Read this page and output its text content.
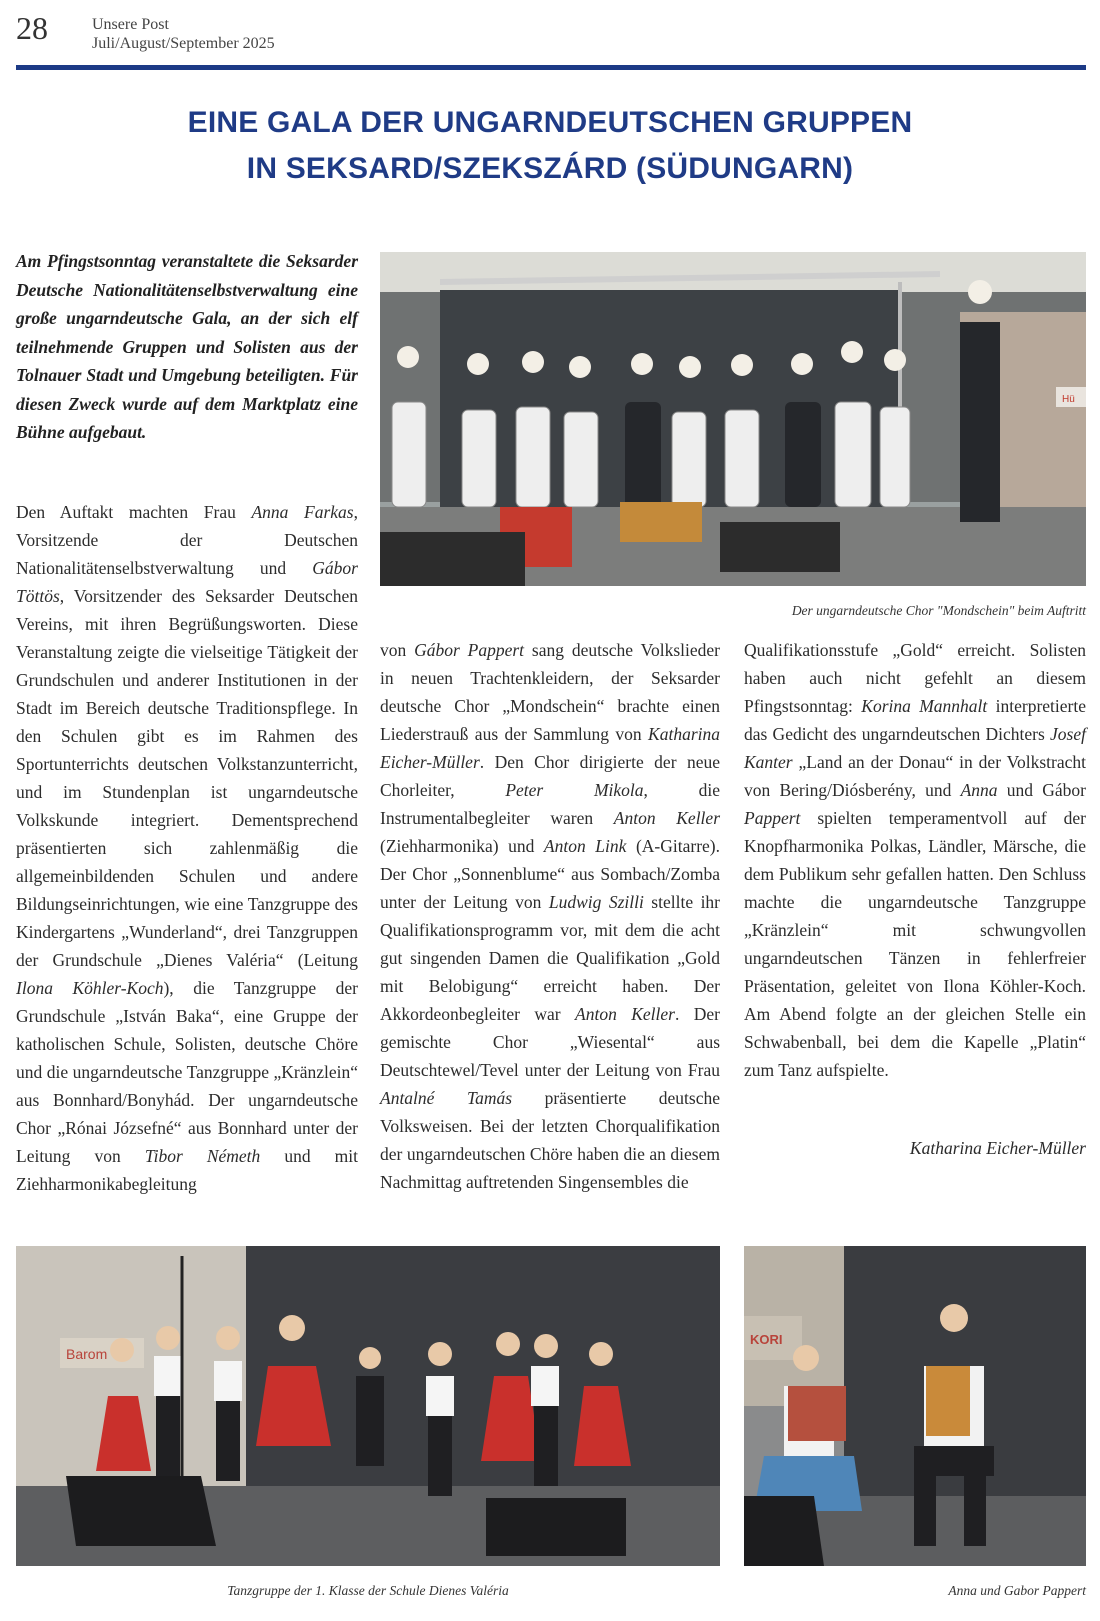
28	Unsere Post
Juli/August/September 2025
EINE GALA DER UNGARNDEUTSCHEN GRUPPEN
IN SEKSARD/SZEKSZÁRD (SÜDUNGARN)
Am Pfingstsonntag veranstaltete die Seksarder Deutsche Nationalitätenselbstverwaltung eine große ungarndeutsche Gala, an der sich elf teilnehmende Gruppen und Solisten aus der Tolnauer Stadt und Umgebung beteiligten. Für diesen Zweck wurde auf dem Marktplatz eine Bühne aufgebaut.
Hü
Der ungarndeutsche Chor "Mondschein" beim Auftritt

Den Auftakt machten Frau Anna Farkas, Vorsitzende der Deutschen Nationalitätenselbstverwaltung und Gábor Töttös, Vorsitzender des Seksarder Deutschen Vereins, mit ihren Begrüßungsworten. Diese Veranstaltung zeigte die vielseitige Tätigkeit der Grundschulen und anderer Institutionen in der Stadt im Bereich deutsche Traditionspflege. In den Schulen gibt es im Rahmen des Sportunterrichts deutschen Volkstanzunterricht, und im Stundenplan ist ungarndeutsche Volkskunde integriert. Dementsprechend präsentierten sich zahlenmäßig die allgemeinbildenden Schulen und andere Bildungseinrichtungen, wie eine Tanzgruppe des Kindergartens „Wunderland“, drei Tanzgruppen der Grundschule „Dienes Valéria“ (Leitung Ilona Köhler-Koch), die Tanzgruppe der Grundschule „István Baka“, eine Gruppe der katholischen Schule, Solisten, deutsche Chöre und die ungarndeutsche Tanzgruppe „Kränzlein“ aus Bonnhard/Bonyhád. Der ungarndeutsche Chor „Rónai Józsefné“ aus Bonnhard unter der Leitung von Tibor Németh und mit Ziehharmonikabegleitung

von Gábor Pappert sang deutsche Volkslieder in neuen Trachtenkleidern, der Seksarder deutsche Chor „Mondschein“ brachte einen Liederstrauß aus der Sammlung von Katharina Eicher-Müller. Den Chor dirigierte der neue Chorleiter, Peter Mikola, die Instrumentalbegleiter waren Anton Keller (Ziehharmonika) und Anton Link (A-Gitarre). Der Chor „Sonnenblume“ aus Sombach/Zomba unter der Leitung von Ludwig Szilli stellte ihr Qualifikationsprogramm vor, mit dem die acht gut singenden Damen die Qualifikation „Gold mit Belobigung“ erreicht haben. Der Akkordeonbegleiter war Anton Keller. Der gemischte Chor „Wiesental“ aus Deutschtewel/Tevel unter der Leitung von Frau Antalné Tamás präsentierte deutsche Volksweisen. Bei der letzten Chorqualifikation der ungarndeutschen Chöre haben die an diesem Nachmittag auftretenden Singensembles die

Qualifikationsstufe „Gold“ erreicht. Solisten haben auch nicht gefehlt an diesem Pfingstsonntag: Korina Mannhalt interpretierte das Gedicht des ungarndeutschen Dichters Josef Kanter „Land an der Donau“ in der Volkstracht von Bering/Diósberény, und Anna und Gábor Pappert spielten temperamentvoll auf der Knopfharmonika Polkas, Ländler, Märsche, die dem Publikum sehr gefallen hatten. Den Schluss machte die ungarndeutsche Tanzgruppe „Kränzlein“ mit schwungvollen ungarndeutschen Tänzen in fehlerfreier Präsentation, geleitet von Ilona Köhler-Koch. Am Abend folgte an der gleichen Stelle ein Schwabenball, bei dem die Kapelle „Platin“ zum Tanz aufspielte.

Katharina Eicher-Müller
Barom
Tanzgruppe der 1. Klasse der Schule Dienes Valéria
KORI
Anna und Gabor Pappert
